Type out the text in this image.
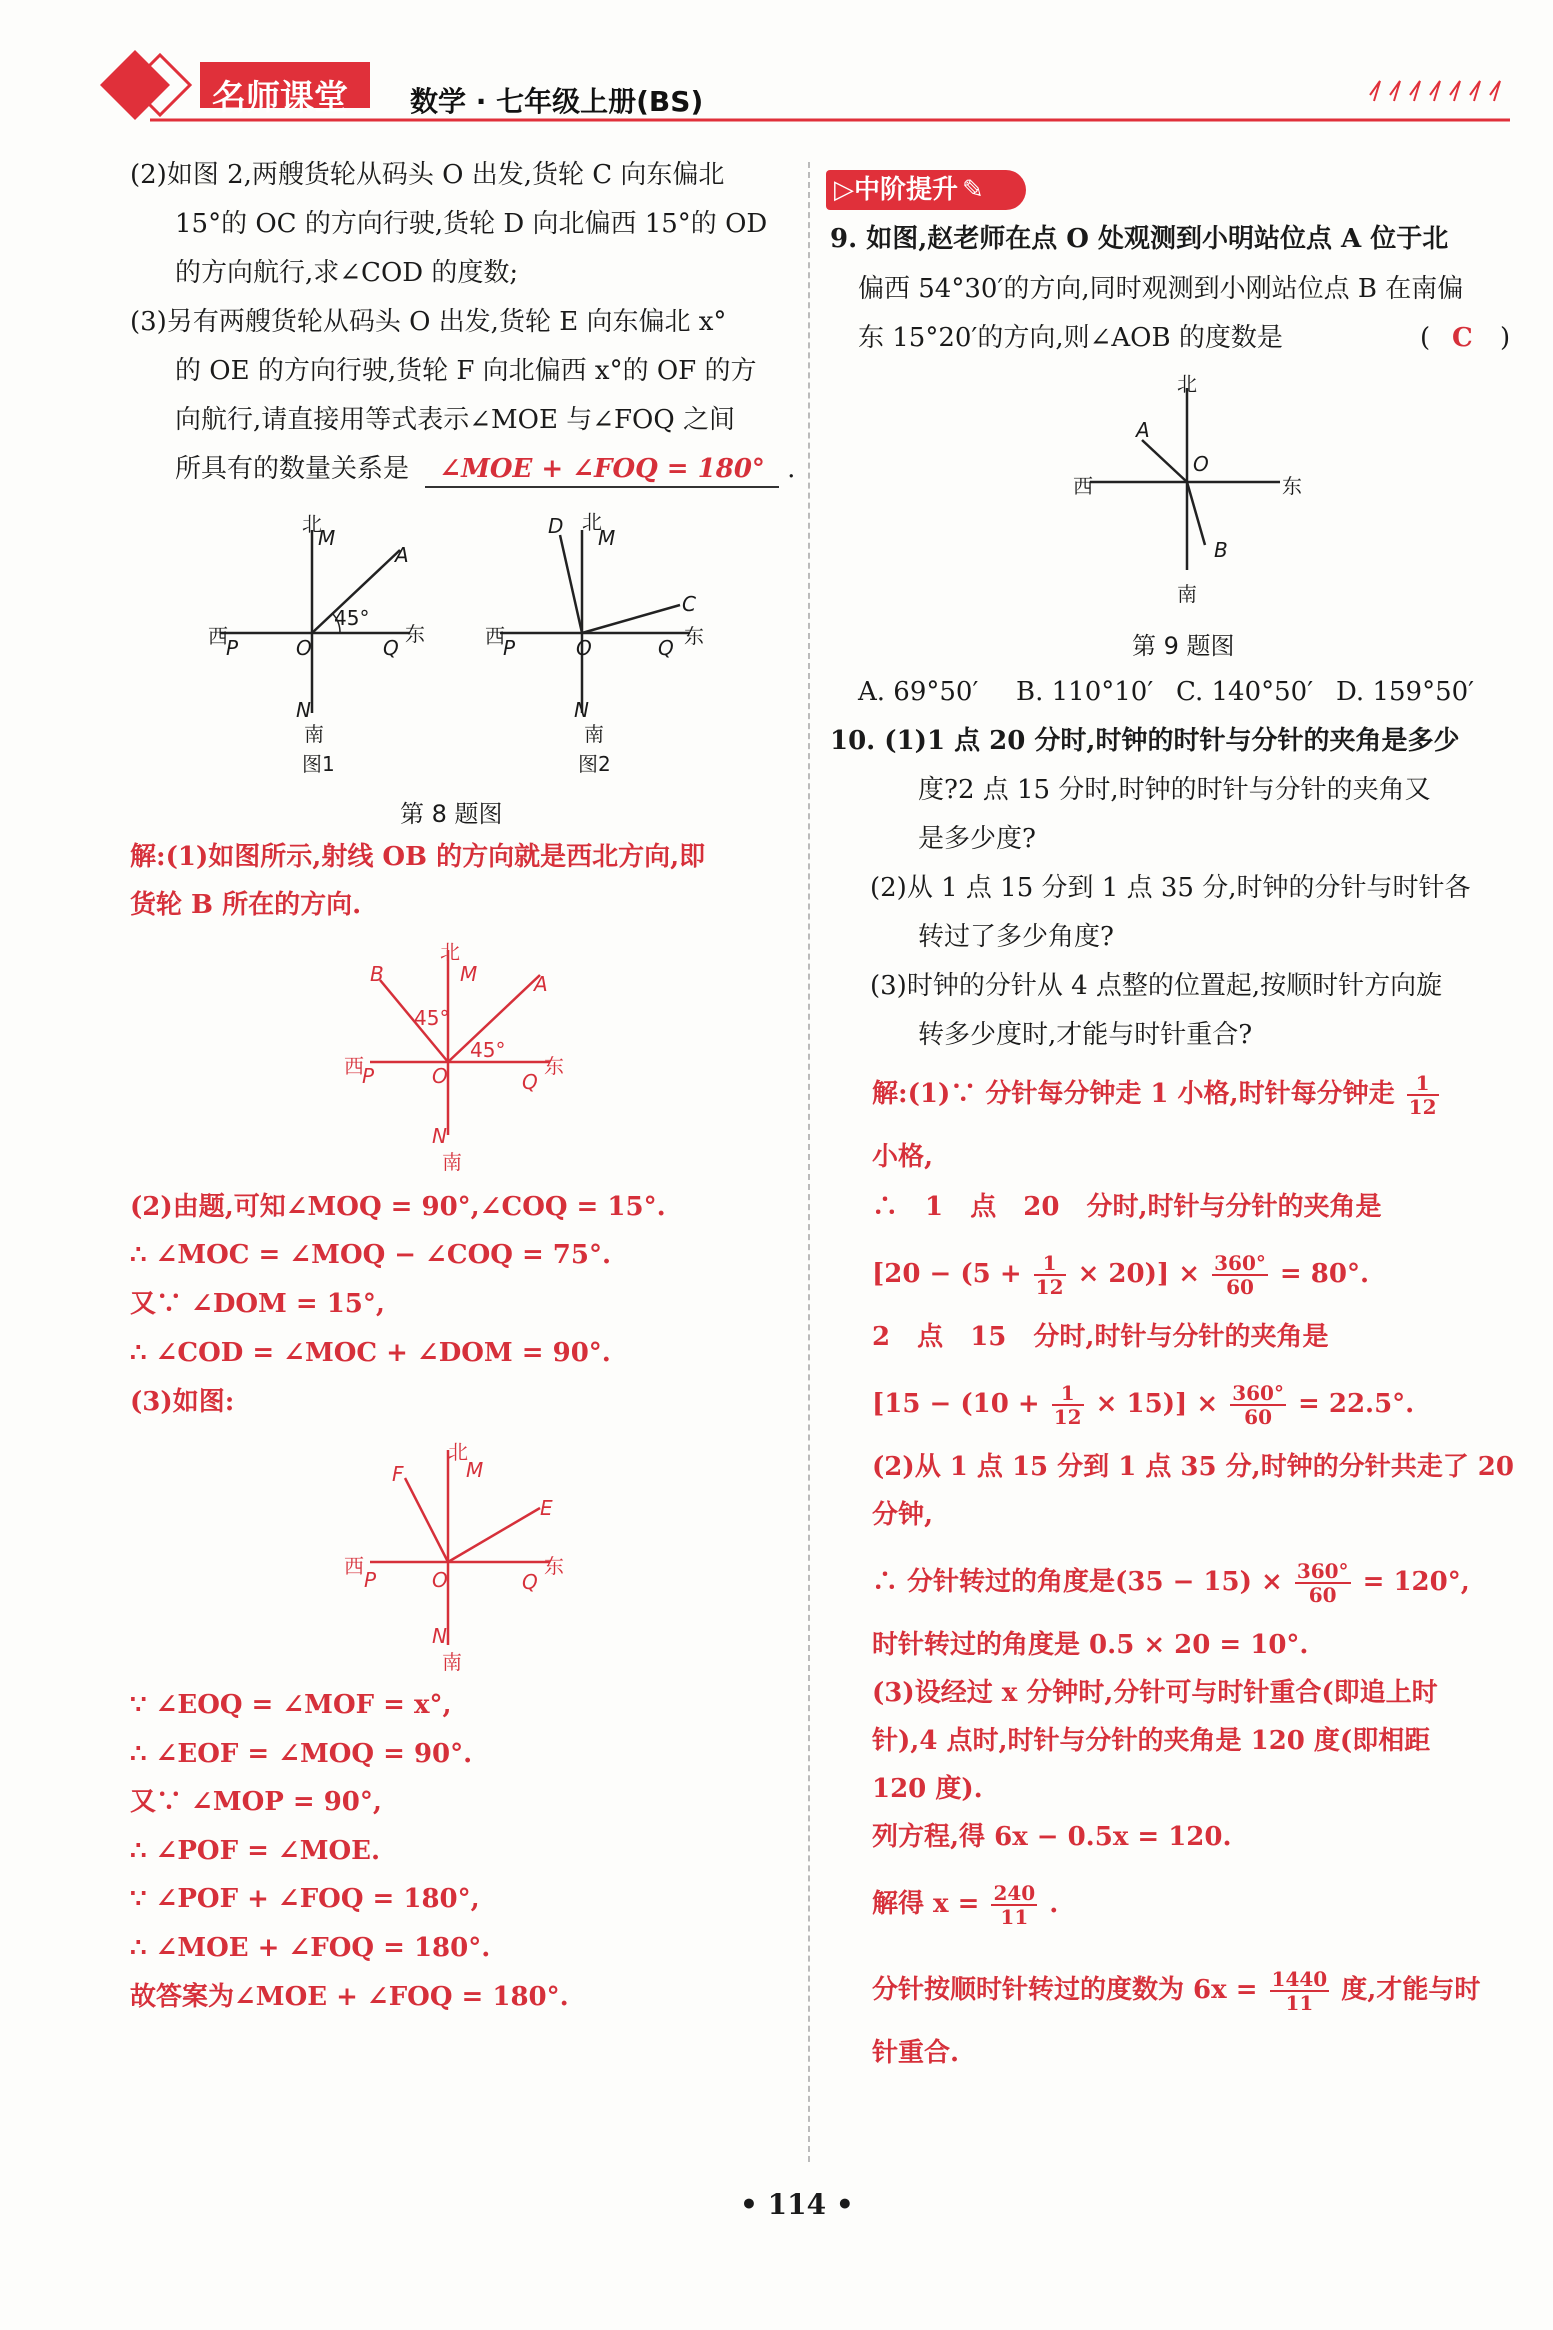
名师课堂 数学 · 七年级上册(BS)
(2)如图 2,两艘货轮从码头 O 出发,货轮 C 向东偏北
15°的 OC 的方向行驶,货轮 D 向北偏西 15°的 OD
的方向航行,求∠COD 的度数;
(3)另有两艘货轮从码头 O 出发,货轮 E 向东偏北 x°
的 OE 的方向行驶,货轮 F 向北偏西 x°的 OF 的方
向航行,请直接用等式表示∠MOE 与∠FOQ 之间
所具有的数量关系是 ∠MOE + ∠FOQ = 180° .
北
M
A
45°
西
P	O	Q
东
N
南
图1
D 北
M
C
西
P	O	Q 东
N
南
图2
第 8 题图
解:(1)如图所示,射线 OB 的方向就是西北方向,即
货轮 B 所在的方向.
北
B	M	A
45°
45°
西
P	O	Q
东
N
南
(2)由题,可知∠MOQ = 90°,∠COQ = 15°.
∴ ∠MOC = ∠MOQ − ∠COQ = 75°.
又∵ ∠DOM = 15°,
∴ ∠COD = ∠MOC + ∠DOM = 90°.
(3)如图:
北
M
F
E
西
P	O	Q
东
N
南
∵ ∠EOQ = ∠MOF = x°,
∴ ∠EOF = ∠MOQ = 90°.
又∵ ∠MOP = 90°,
∴ ∠POF = ∠MOE.
∵ ∠POF + ∠FOQ = 180°,
∴ ∠MOE + ∠FOQ = 180°.
故答案为∠MOE + ∠FOQ = 180°.
▷中阶提升 ✎
9. 如图,赵老师在点 O 处观测到小明站位点 A 位于北
偏西 54°30′的方向,同时观测到小刚站位点 B 在南偏
东 15°20′的方向,则∠AOB 的度数是	( C )
北
A
O
西	东
B
南
第 9 题图
A. 69°50′ B. 110°10′ C. 140°50′ D. 159°50′
10. (1)1 点 20 分时,时钟的时针与分针的夹角是多少
度?2 点 15 分时,时钟的时针与分针的夹角又
是多少度?
(2)从 1 点 15 分到 1 点 35 分,时钟的分针与时针各
转过了多少角度?
(3)时钟的分针从 4 点整的位置起,按顺时针方向旋
转多少度时,才能与时针重合?
解:(1)∵ 分针每分钟走 1 小格,时针每分钟走 $\frac{1}{12}$
小格,
∴ 1 点 20 分时,时针与分针的夹角是
$[20 - (5 + \frac{1}{12} \times 20)] \times \frac{360^\circ}{60} = 80^\circ$.
2 点 15 分时,时针与分针的夹角是
$[15 - (10 + \frac{1}{12} \times 15)] \times \frac{360^\circ}{60} = 22.5^\circ$.
(2)从 1 点 15 分到 1 点 35 分,时钟的分针共走了 20
分钟,
∴ 分针转过的角度是$(35 - 15) \times \frac{360^\circ}{60} = 120^\circ$,
时针转过的角度是 0.5 × 20 = 10°.
(3)设经过 x 分钟时,分针可与时针重合(即追上时
针),4 点时,时针与分针的夹角是 120 度(即相距
120 度).
列方程,得 6x − 0.5x = 120.
解得 $x = \frac{240}{11}$ .
分针按顺时针转过的度数为 $6x = \frac{1440}{11}$ 度,才能与时
针重合.
• 114 •
